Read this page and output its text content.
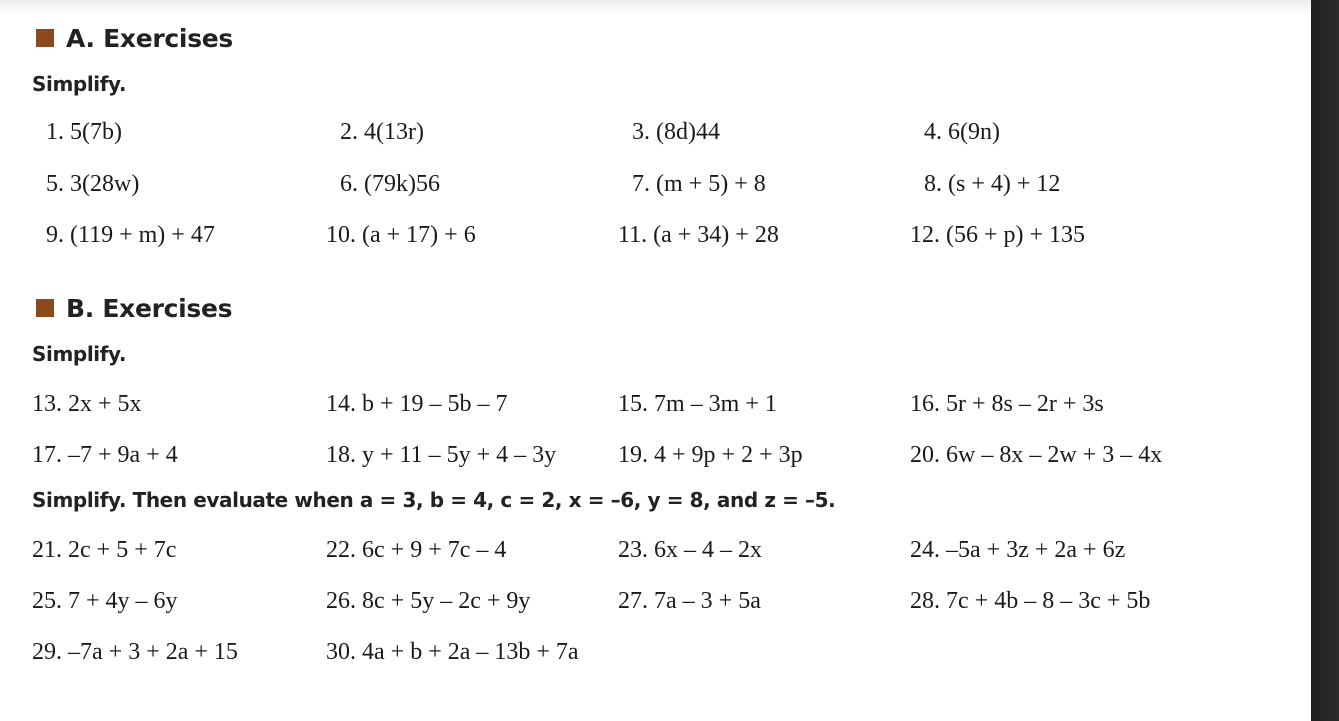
A. Exercises
Simplify.
1. 5(7b)	2. 4(13r)	3. (8d)44	4. 6(9n)
5. 3(28w)	6. (79k)56	7. (m + 5) + 8	8. (s + 4) + 12
9. (119 + m) + 47	10. (a + 17) + 6	11. (a + 34) + 28	12. (56 + p) + 135
B. Exercises
Simplify.
13. 2x + 5x	14. b + 19 – 5b – 7	15. 7m – 3m + 1	16. 5r + 8s – 2r + 3s
17. –7 + 9a + 4	18. y + 11 – 5y + 4 – 3y	19. 4 + 9p + 2 + 3p	20. 6w – 8x – 2w + 3 – 4x
Simplify. Then evaluate when a = 3, b = 4, c = 2, x = –6, y = 8, and z = –5.
21. 2c + 5 + 7c	22. 6c + 9 + 7c – 4	23. 6x – 4 – 2x	24. –5a + 3z + 2a + 6z
25. 7 + 4y – 6y	26. 8c + 5y – 2c + 9y	27. 7a – 3 + 5a	28. 7c + 4b – 8 – 3c + 5b
29. –7a + 3 + 2a + 15	30. 4a + b + 2a – 13b + 7a
